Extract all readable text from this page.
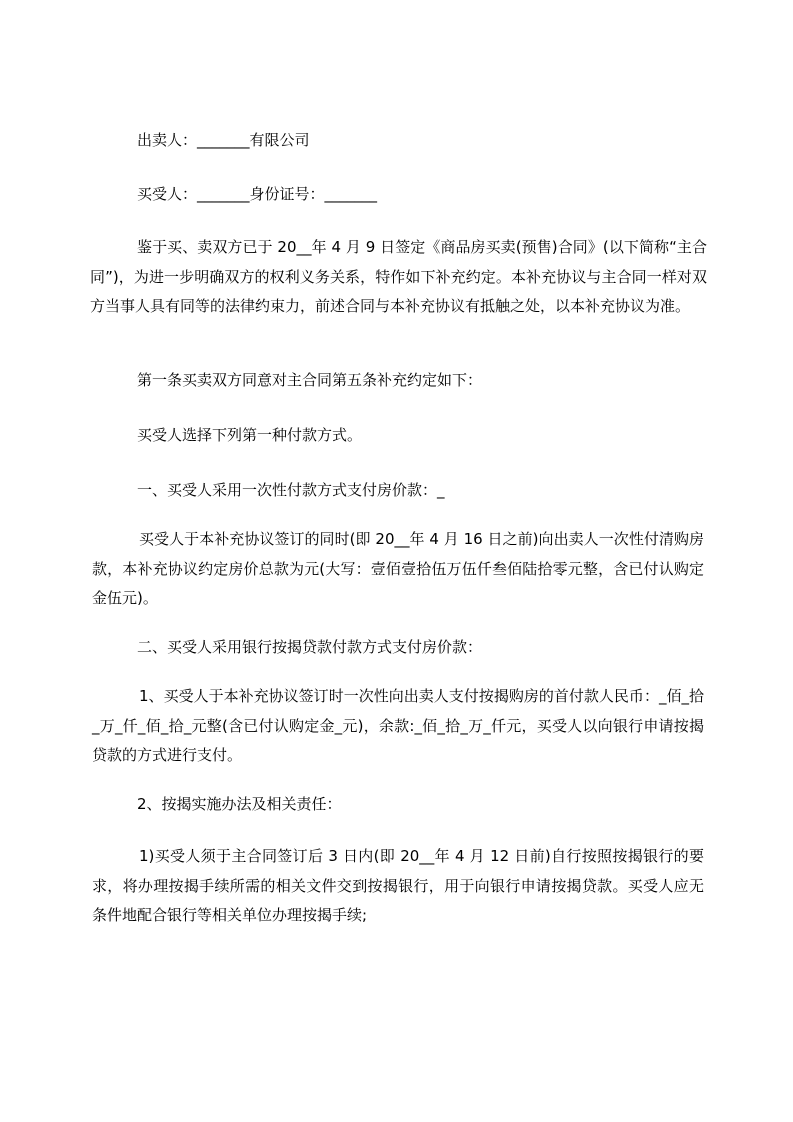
出卖人：_______有限公司
买受人：_______身份证号：_______
鉴于买、卖双方已于 20__年 4 月 9 日签定《商品房买卖(预售)合同》(以下简称“主合同”)，为进一步明确双方的权利义务关系，特作如下补充约定。本补充协议与主合同一样对双方当事人具有同等的法律约束力，前述合同与本补充协议有抵触之处，以本补充协议为准。
第一条买卖双方同意对主合同第五条补充约定如下：
买受人选择下列第一种付款方式。
一、买受人采用一次性付款方式支付房价款：_
买受人于本补充协议签订的同时(即 20__年 4 月 16 日之前)向出卖人一次性付清购房款，本补充协议约定房价总款为元(大写：壹佰壹拾伍万伍仟叁佰陆拾零元整，含已付认购定金伍元)。
二、买受人采用银行按揭贷款付款方式支付房价款：
1、买受人于本补充协议签订时一次性向出卖人支付按揭购房的首付款人民币：_佰_拾_万_仟_佰_拾_元整(含已付认购定金_元)，余款:_佰_拾_万_仟元，买受人以向银行申请按揭贷款的方式进行支付。
2、按揭实施办法及相关责任：
1)买受人须于主合同签订后 3 日内(即 20__年 4 月 12 日前)自行按照按揭银行的要求，将办理按揭手续所需的相关文件交到按揭银行，用于向银行申请按揭贷款。买受人应无条件地配合银行等相关单位办理按揭手续;
